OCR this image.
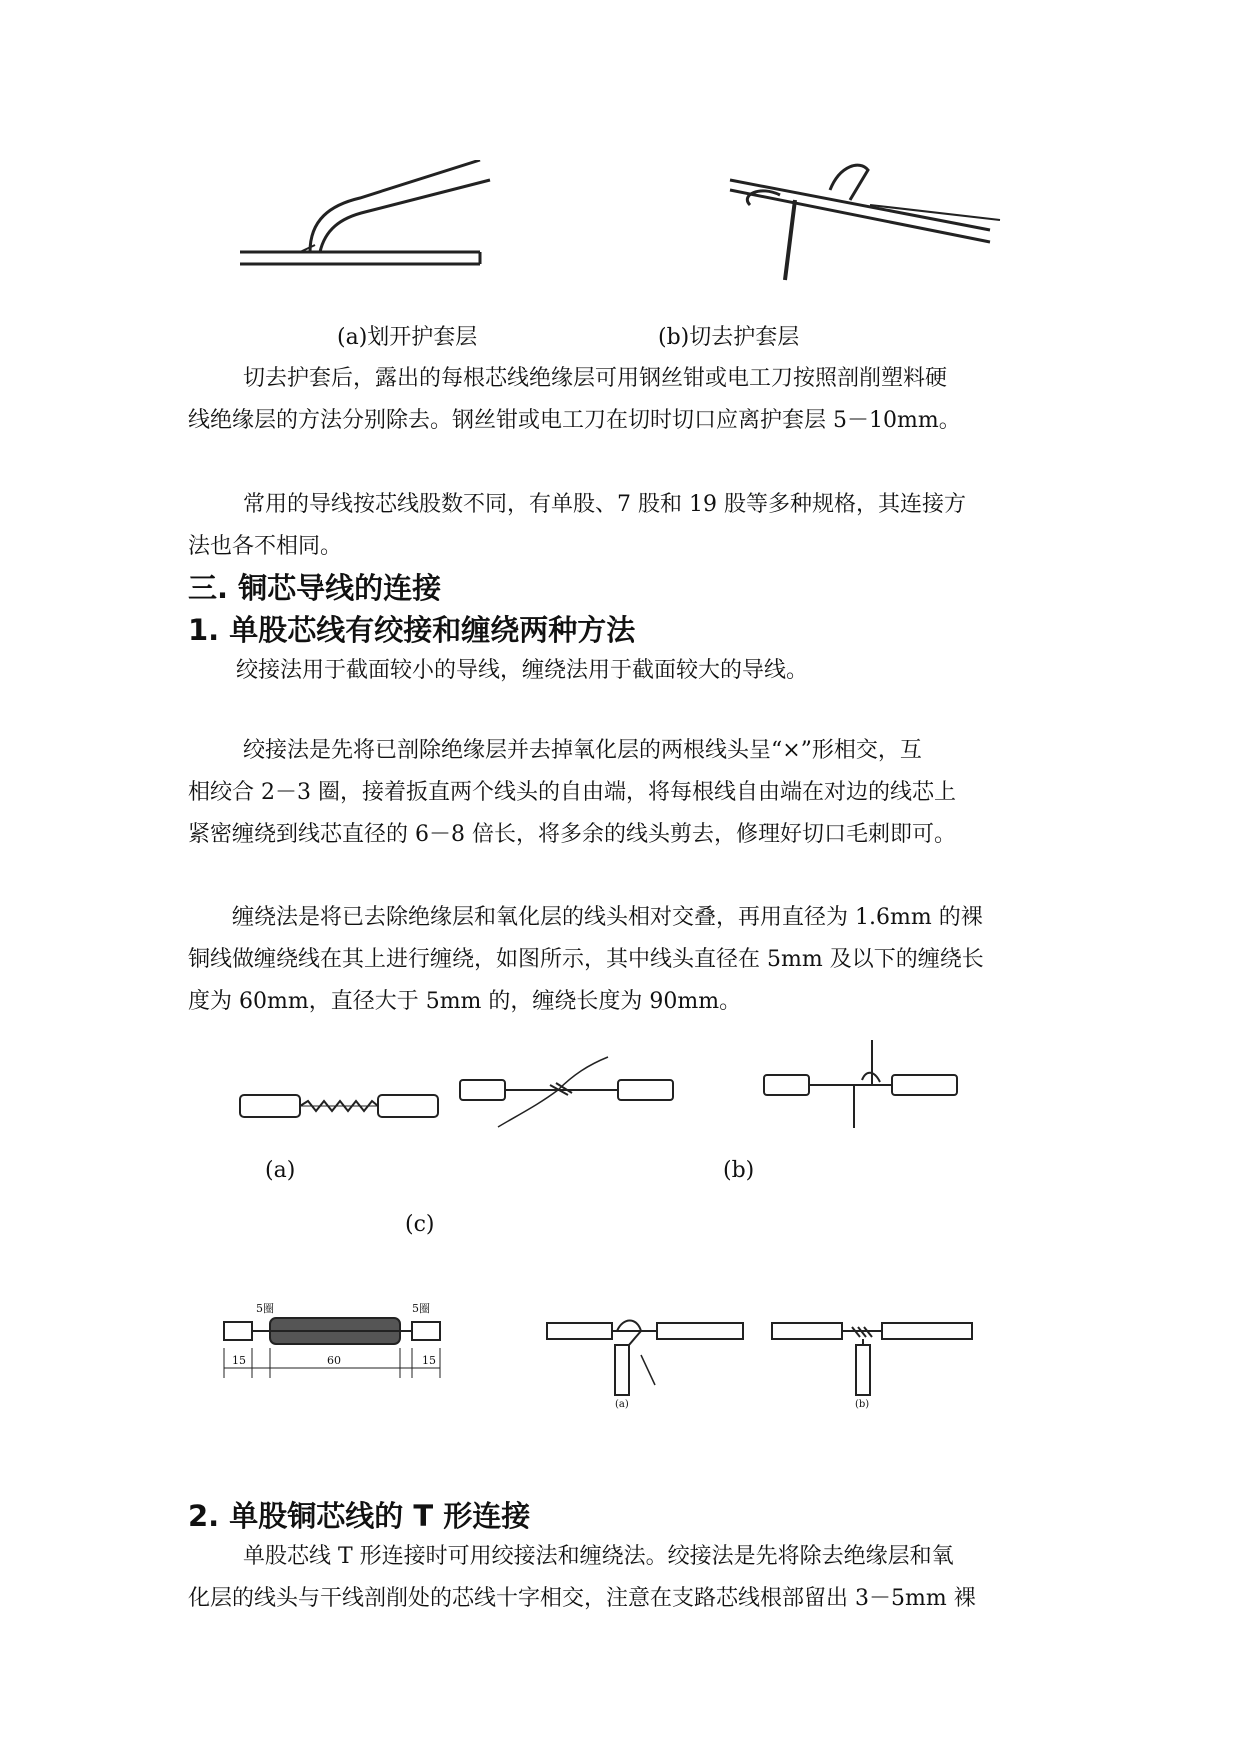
(a)划开护套层	(b)切去护套层
切去护套后，露出的每根芯线绝缘层可用钢丝钳或电工刀按照剖削塑料硬
线绝缘层的方法分别除去。钢丝钳或电工刀在切时切口应离护套层 5－10mm。
常用的导线按芯线股数不同，有单股、7 股和 19 股等多种规格，其连接方
法也各不相同。
三. 铜芯导线的连接
1. 单股芯线有绞接和缠绕两种方法
绞接法用于截面较小的导线，缠绕法用于截面较大的导线。
绞接法是先将已剖除绝缘层并去掉氧化层的两根线头呈“×”形相交，互
相绞合 2－3 圈，接着扳直两个线头的自由端，将每根线自由端在对边的线芯上
紧密缠绕到线芯直径的 6－8 倍长，将多余的线头剪去，修理好切口毛刺即可。
缠绕法是将已去除绝缘层和氧化层的线头相对交叠，再用直径为 1.6mm 的裸
铜线做缠绕线在其上进行缠绕，如图所示，其中线头直径在 5mm 及以下的缠绕长
度为 60mm，直径大于 5mm 的，缠绕长度为 90mm。
(a)	(b)
(c)
5圈	5圈
15	60	15
(a)	(b)
2. 单股铜芯线的 T 形连接
单股芯线 T 形连接时可用绞接法和缠绕法。绞接法是先将除去绝缘层和氧
化层的线头与干线剖削处的芯线十字相交，注意在支路芯线根部留出 3－5mm 裸
